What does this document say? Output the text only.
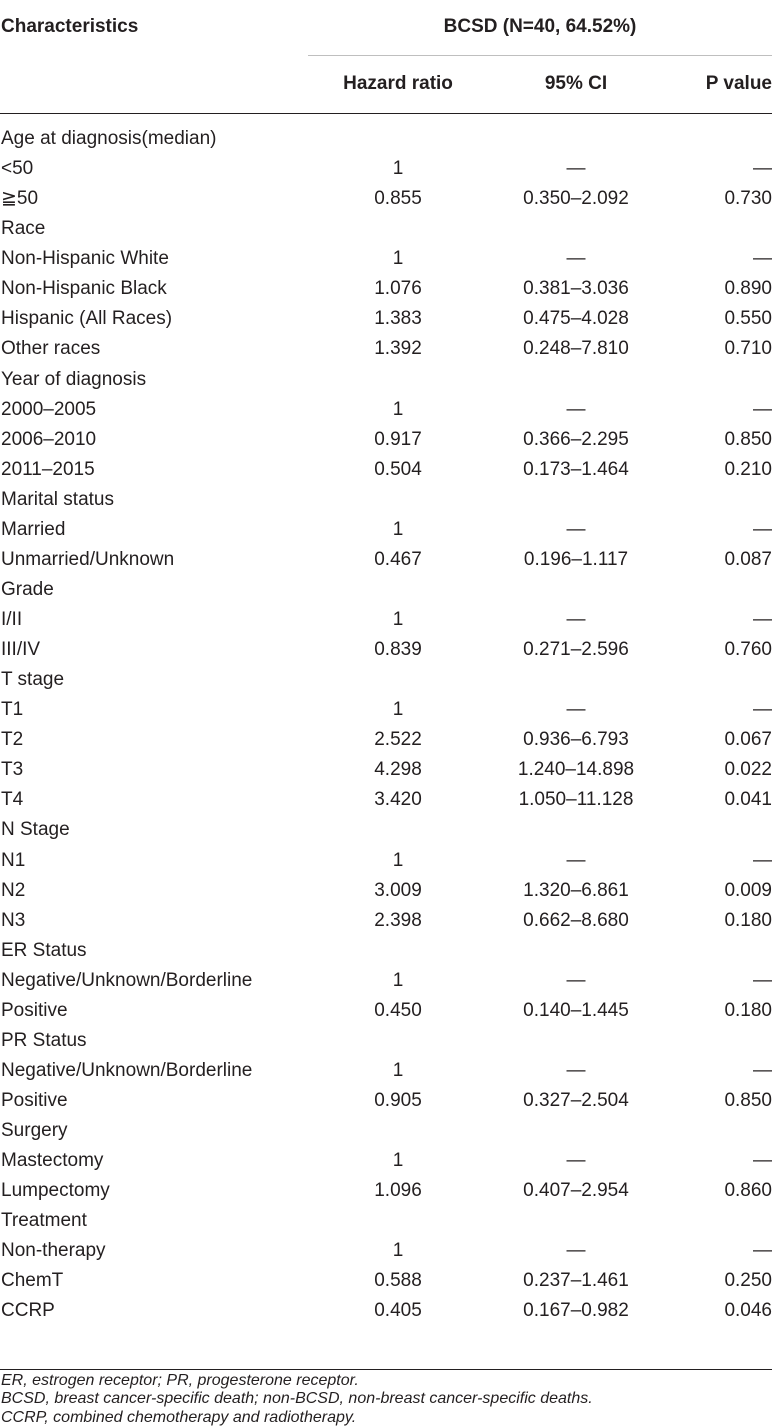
Characteristics	BCSD (N=40, 64.52%)
Hazard ratio	95% CI	P value
Age at diagnosis(median)
<50	1	—	—
≧50	0.855	0.350–2.092	0.730
Race
Non-Hispanic White	1	—	—
Non-Hispanic Black	1.076	0.381–3.036	0.890
Hispanic (All Races)	1.383	0.475–4.028	0.550
Other races	1.392	0.248–7.810	0.710
Year of diagnosis
2000–2005	1	—	—
2006–2010	0.917	0.366–2.295	0.850
2011–2015	0.504	0.173–1.464	0.210
Marital status
Married	1	—	—
Unmarried/Unknown	0.467	0.196–1.117	0.087
Grade
I/II	1	—	—
III/IV	0.839	0.271–2.596	0.760
T stage
T1	1	—	—
T2	2.522	0.936–6.793	0.067
T3	4.298	1.240–14.898	0.022
T4	3.420	1.050–11.128	0.041
N Stage
N1	1	—	—
N2	3.009	1.320–6.861	0.009
N3	2.398	0.662–8.680	0.180
ER Status
Negative/Unknown/Borderline	1	—	—
Positive	0.450	0.140–1.445	0.180
PR Status
Negative/Unknown/Borderline	1	—	—
Positive	0.905	0.327–2.504	0.850
Surgery
Mastectomy	1	—	—
Lumpectomy	1.096	0.407–2.954	0.860
Treatment
Non-therapy	1	—	—
ChemT	0.588	0.237–1.461	0.250
CCRP	0.405	0.167–0.982	0.046
ER, estrogen receptor; PR, progesterone receptor.
BCSD, breast cancer-specific death; non-BCSD, non-breast cancer-specific deaths.
CCRP, combined chemotherapy and radiotherapy.
